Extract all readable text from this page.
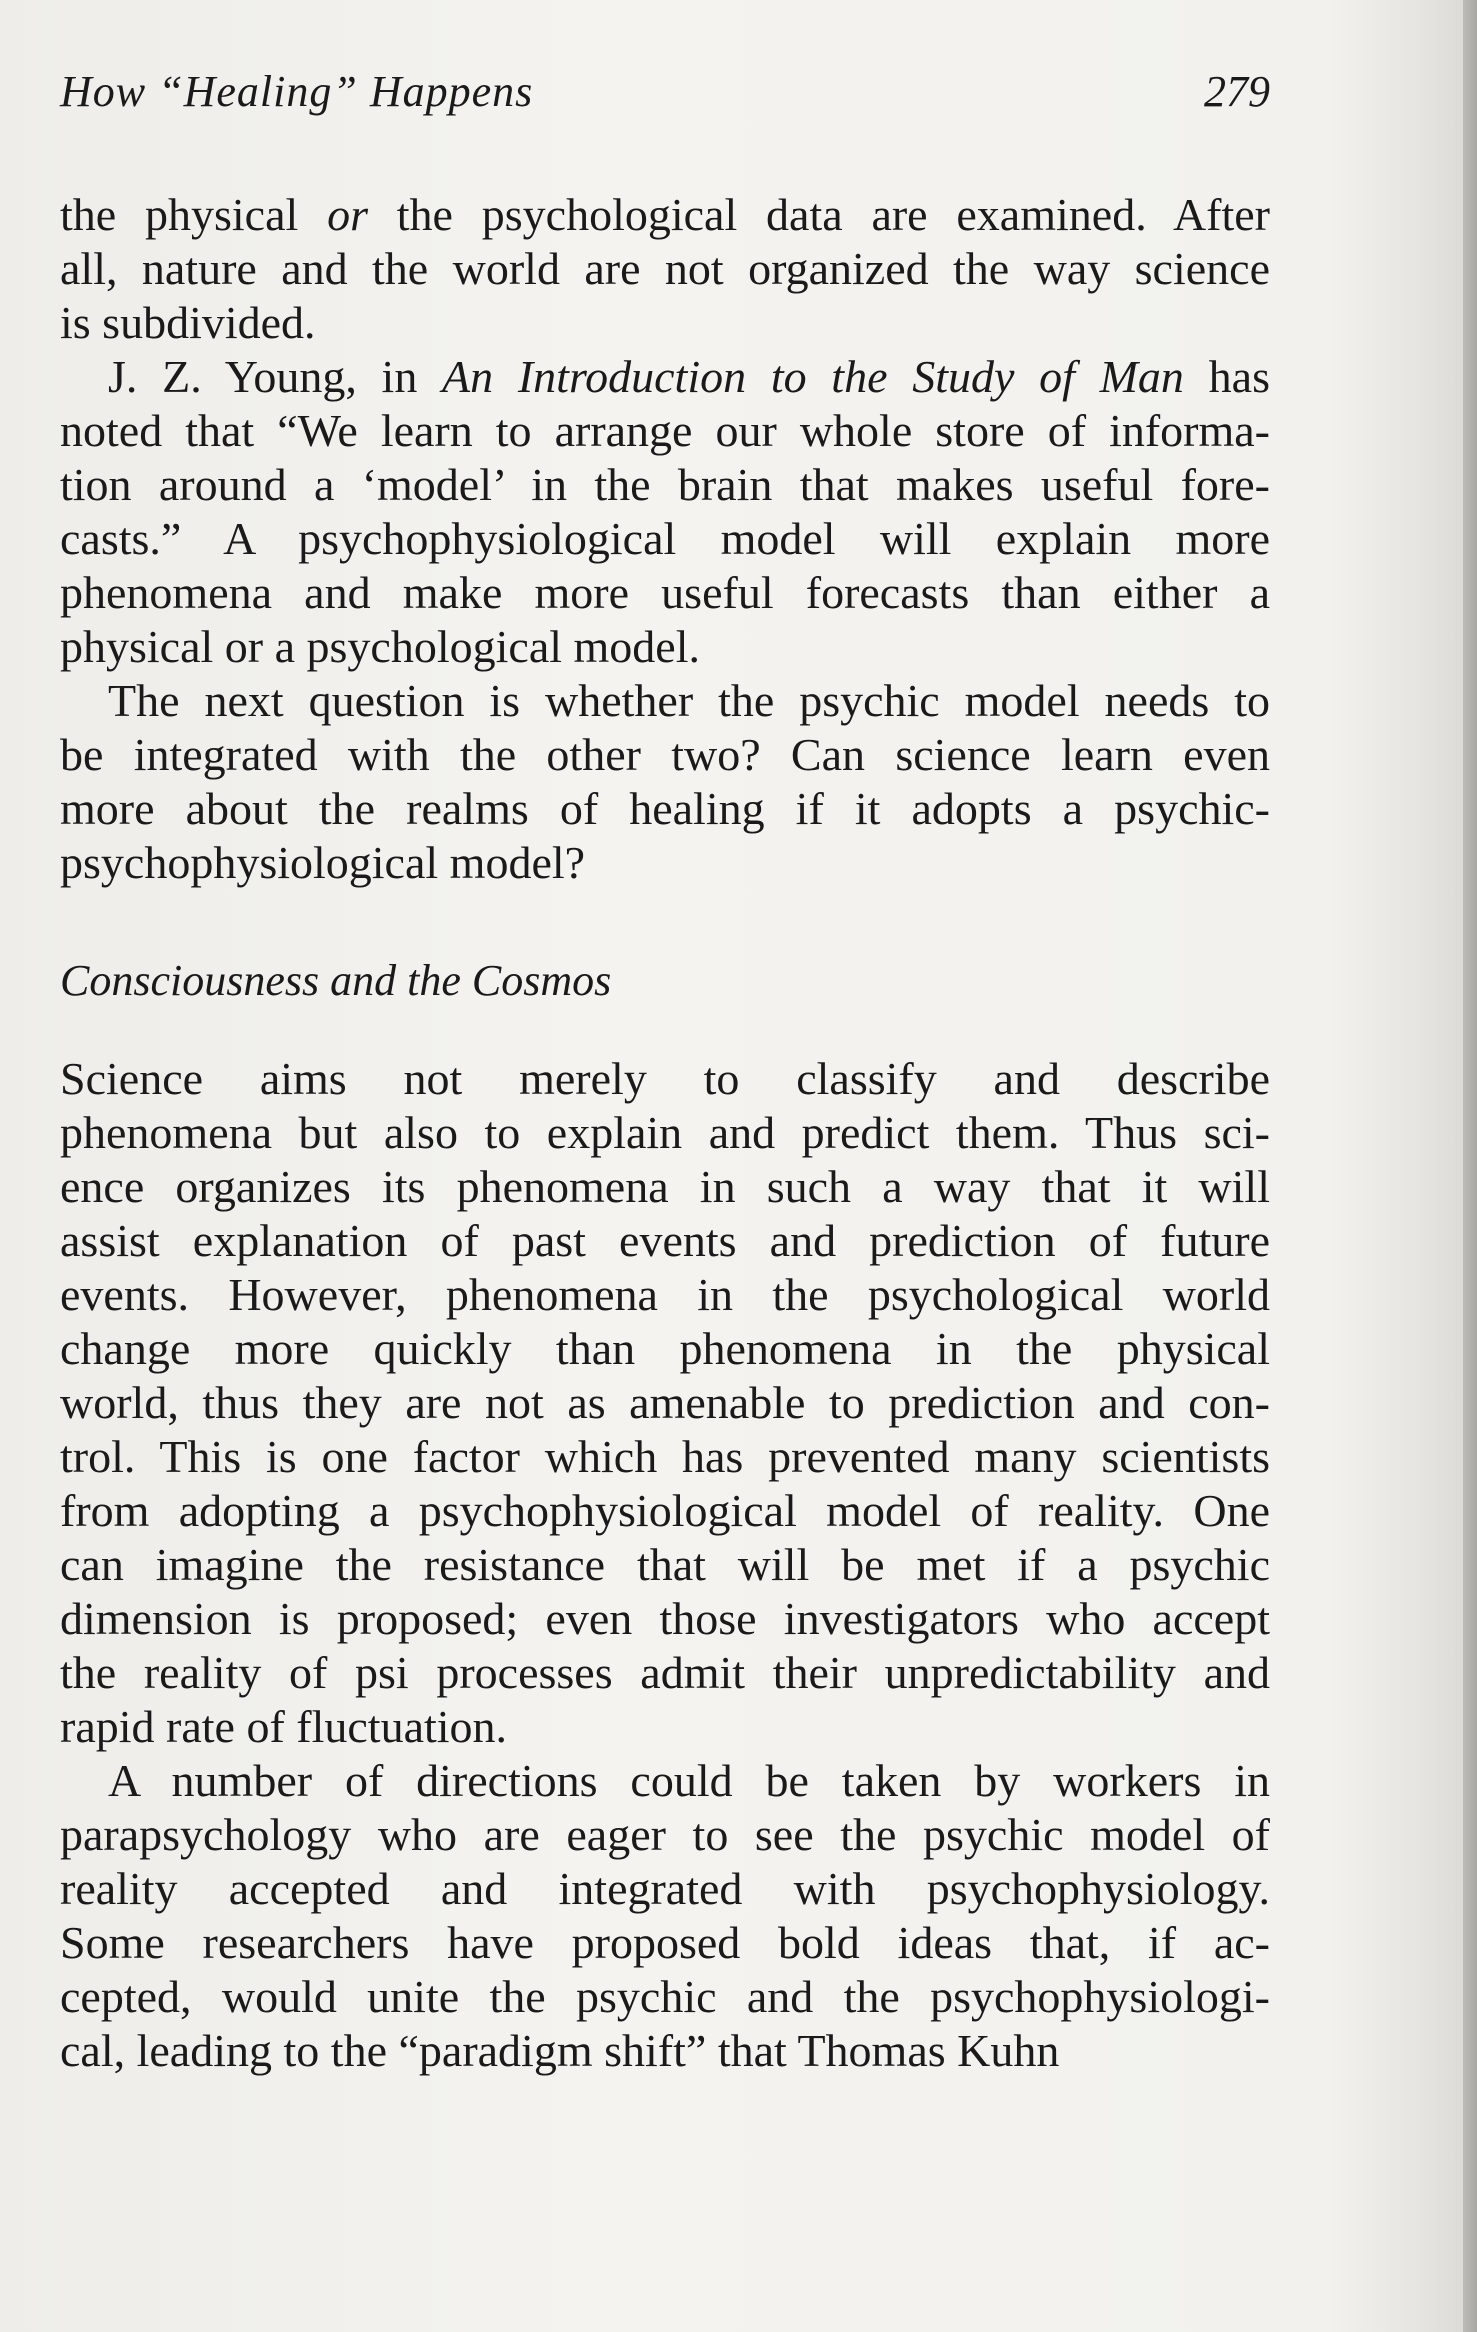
How “Healing” Happens	279
the physical or the psychological data are examined. After
all, nature and the world are not organized the way science
is subdivided.
J. Z. Young, in An Introduction to the Study of Man has
noted that “We learn to arrange our whole store of informa-
tion around a ‘model’ in the brain that makes useful fore-
casts.” A psychophysiological model will explain more
phenomena and make more useful forecasts than either a
physical or a psychological model.
The next question is whether the psychic model needs to
be integrated with the other two? Can science learn even
more about the realms of healing if it adopts a psychic-
psychophysiological model?
Consciousness and the Cosmos
Science aims not merely to classify and describe
phenomena but also to explain and predict them. Thus sci-
ence organizes its phenomena in such a way that it will
assist explanation of past events and prediction of future
events. However, phenomena in the psychological world
change more quickly than phenomena in the physical
world, thus they are not as amenable to prediction and con-
trol. This is one factor which has prevented many scientists
from adopting a psychophysiological model of reality. One
can imagine the resistance that will be met if a psychic
dimension is proposed; even those investigators who accept
the reality of psi processes admit their unpredictability and
rapid rate of fluctuation.
A number of directions could be taken by workers in
parapsychology who are eager to see the psychic model of
reality accepted and integrated with psychophysiology.
Some researchers have proposed bold ideas that, if ac-
cepted, would unite the psychic and the psychophysiologi-
cal, leading to the “paradigm shift” that Thomas Kuhn
